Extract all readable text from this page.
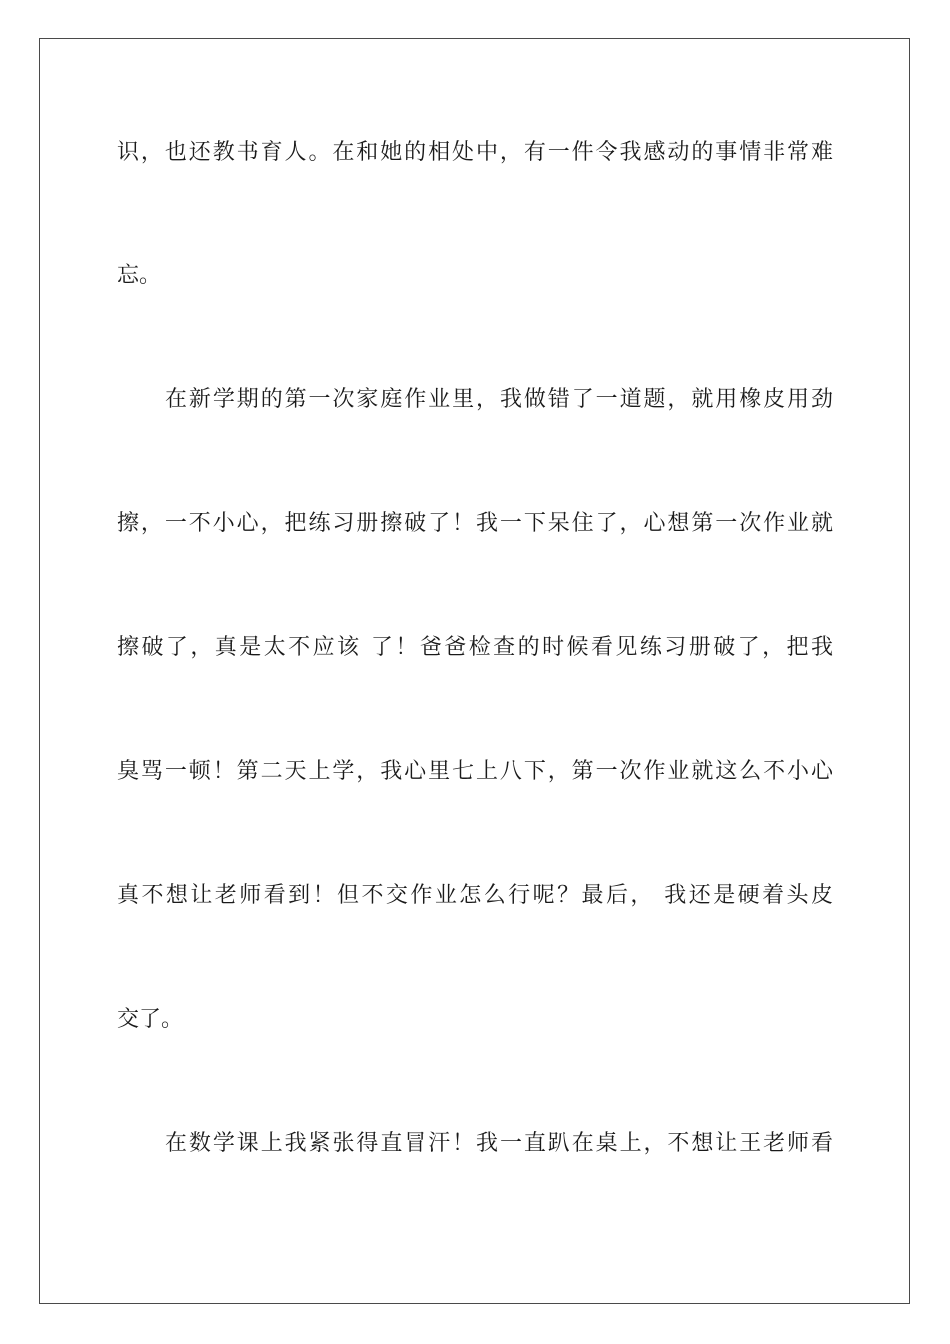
识，也还教书育人。在和她的相处中，有一件令我感动的事情非常难
忘。
在新学期的第一次家庭作业里，我做错了一道题，就用橡皮用劲
擦，一不小心，把练习册擦破了！我一下呆住了，心想第一次作业就
擦破了，真是太不应该 了！爸爸检查的时候看见练习册破了，把我
臭骂一顿！第二天上学，我心里七上八下，第一次作业就这么不小心
真不想让老师看到！但不交作业怎么行呢？最后， 我还是硬着头皮
交了。
在数学课上我紧张得直冒汗！我一直趴在桌上，不想让王老师看
